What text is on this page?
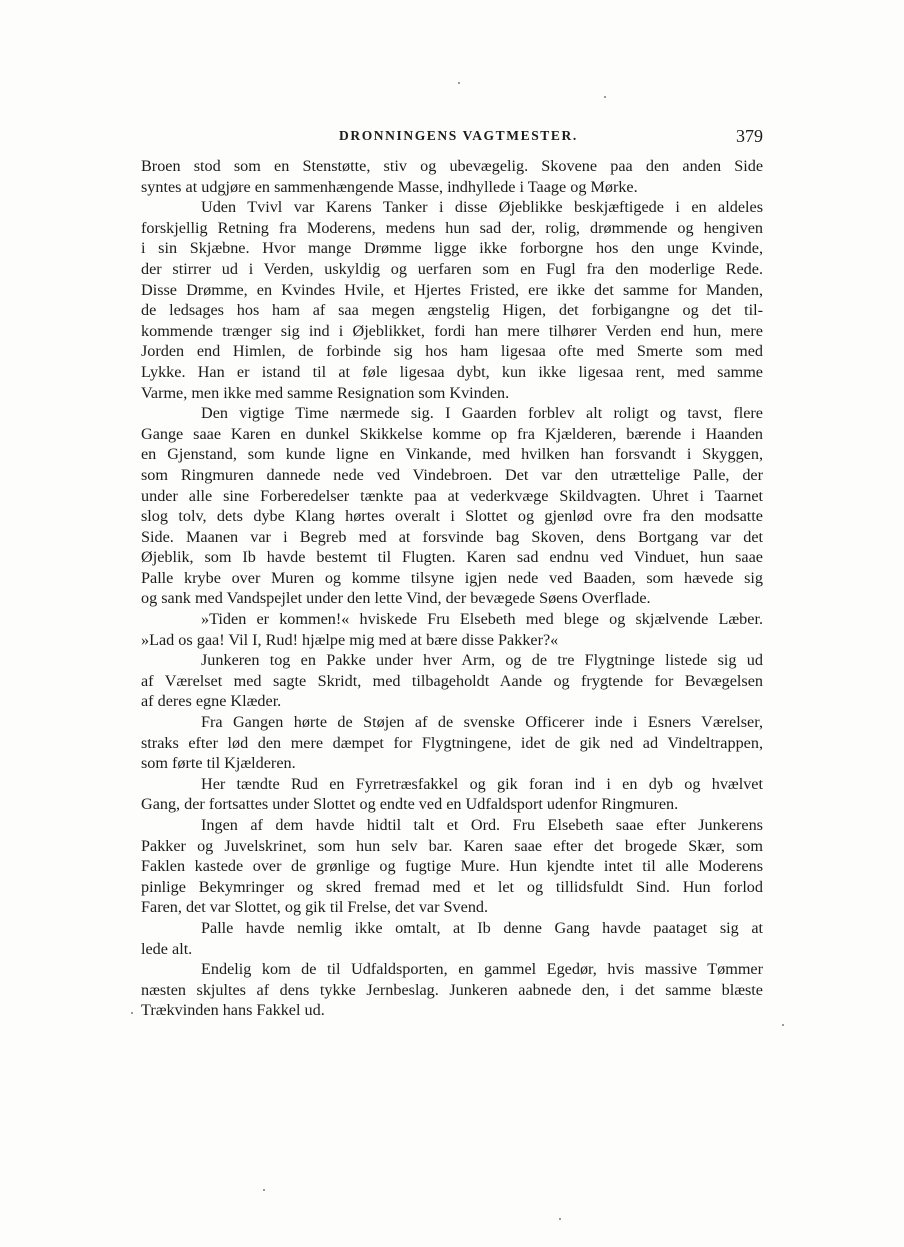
DRONNINGENS VAGTMESTER.	379
Broen stod som en Stenstøtte, stiv og ubevægelig. Skovene paa den anden Side
syntes at udgjøre en sammenhængende Masse, indhyllede i Taage og Mørke.
Uden Tvivl var Karens Tanker i disse Øjeblikke beskjæftigede i en aldeles
forskjellig Retning fra Moderens, medens hun sad der, rolig, drømmende og hengiven
i sin Skjæbne. Hvor mange Drømme ligge ikke forborgne hos den unge Kvinde,
der stirrer ud i Verden, uskyldig og uerfaren som en Fugl fra den moderlige Rede.
Disse Drømme, en Kvindes Hvile, et Hjertes Fristed, ere ikke det samme for Manden,
de ledsages hos ham af saa megen ængstelig Higen, det forbigangne og det til-
kommende trænger sig ind i Øjeblikket, fordi han mere tilhører Verden end hun, mere
Jorden end Himlen, de forbinde sig hos ham ligesaa ofte med Smerte som med
Lykke. Han er istand til at føle ligesaa dybt, kun ikke ligesaa rent, med samme
Varme, men ikke med samme Resignation som Kvinden.
Den vigtige Time nærmede sig. I Gaarden forblev alt roligt og tavst, flere
Gange saae Karen en dunkel Skikkelse komme op fra Kjælderen, bærende i Haanden
en Gjenstand, som kunde ligne en Vinkande, med hvilken han forsvandt i Skyggen,
som Ringmuren dannede nede ved Vindebroen. Det var den utrættelige Palle, der
under alle sine Forberedelser tænkte paa at vederkvæge Skildvagten. Uhret i Taarnet
slog tolv, dets dybe Klang hørtes overalt i Slottet og gjenlød ovre fra den modsatte
Side. Maanen var i Begreb med at forsvinde bag Skoven, dens Bortgang var det
Øjeblik, som Ib havde bestemt til Flugten. Karen sad endnu ved Vinduet, hun saae
Palle krybe over Muren og komme tilsyne igjen nede ved Baaden, som hævede sig
og sank med Vandspejlet under den lette Vind, der bevægede Søens Overflade.
»Tiden er kommen!« hviskede Fru Elsebeth med blege og skjælvende Læber.
»Lad os gaa! Vil I, Rud! hjælpe mig med at bære disse Pakker?«
Junkeren tog en Pakke under hver Arm, og de tre Flygtninge listede sig ud
af Værelset med sagte Skridt, med tilbageholdt Aande og frygtende for Bevægelsen
af deres egne Klæder.
Fra Gangen hørte de Støjen af de svenske Officerer inde i Esners Værelser,
straks efter lød den mere dæmpet for Flygtningene, idet de gik ned ad Vindeltrappen,
som førte til Kjælderen.
Her tændte Rud en Fyrretræsfakkel og gik foran ind i en dyb og hvælvet
Gang, der fortsattes under Slottet og endte ved en Udfaldsport udenfor Ringmuren.
Ingen af dem havde hidtil talt et Ord. Fru Elsebeth saae efter Junkerens
Pakker og Juvelskrinet, som hun selv bar. Karen saae efter det brogede Skær, som
Faklen kastede over de grønlige og fugtige Mure. Hun kjendte intet til alle Moderens
pinlige Bekymringer og skred fremad med et let og tillidsfuldt Sind. Hun forlod
Faren, det var Slottet, og gik til Frelse, det var Svend.
Palle havde nemlig ikke omtalt, at Ib denne Gang havde paataget sig at
lede alt.
Endelig kom de til Udfaldsporten, en gammel Egedør, hvis massive Tømmer
næsten skjultes af dens tykke Jernbeslag. Junkeren aabnede den, i det samme blæste
Trækvinden hans Fakkel ud.
